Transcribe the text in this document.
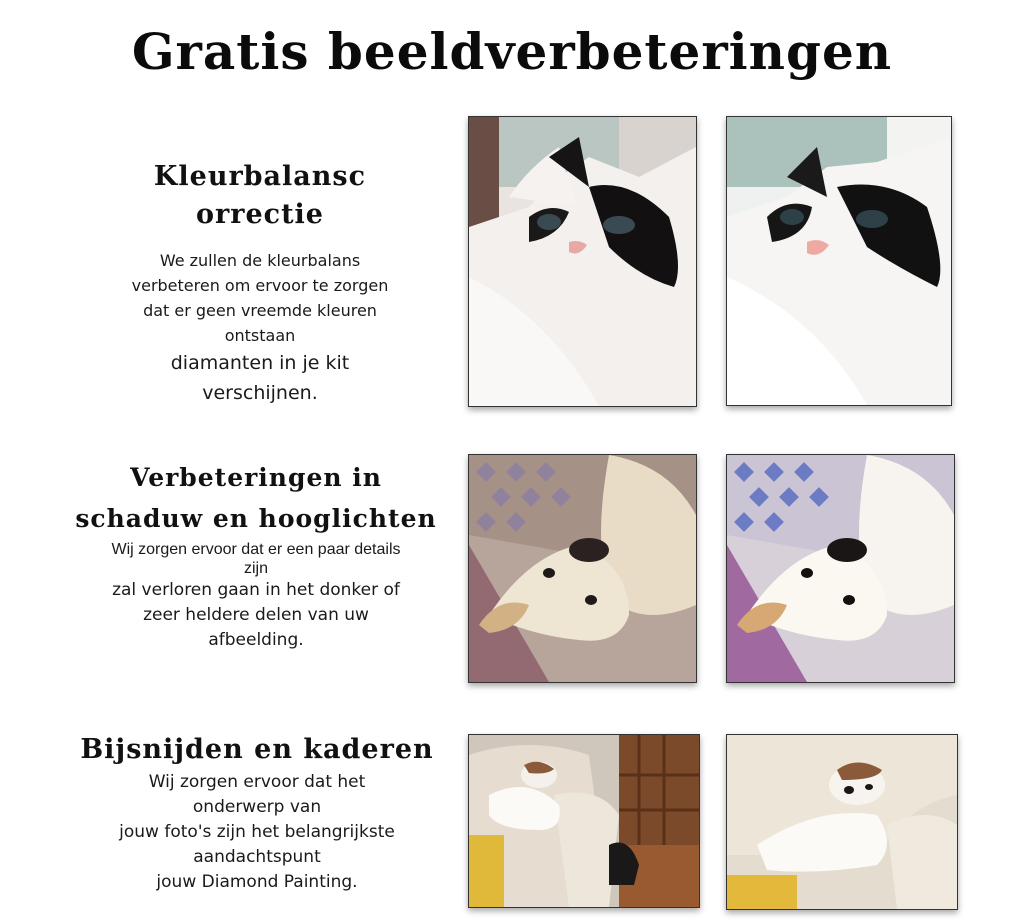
Gratis beeldverbeteringen

Kleurbalansc

orrectie

We zullen de kleurbalans

verbeteren om ervoor te zorgen

dat er geen vreemde kleuren

ontstaan

diamanten in je kit

verschijnen.

Verbeteringen in

schaduw en hooglichten

Wij zorgen ervoor dat er een paar details

zijn

zal verloren gaan in het donker of

zeer heldere delen van uw

afbeelding.

Bijsnijden en kaderen

Wij zorgen ervoor dat het

onderwerp van

jouw foto's zijn het belangrijkste

aandachtspunt

jouw Diamond Painting.
